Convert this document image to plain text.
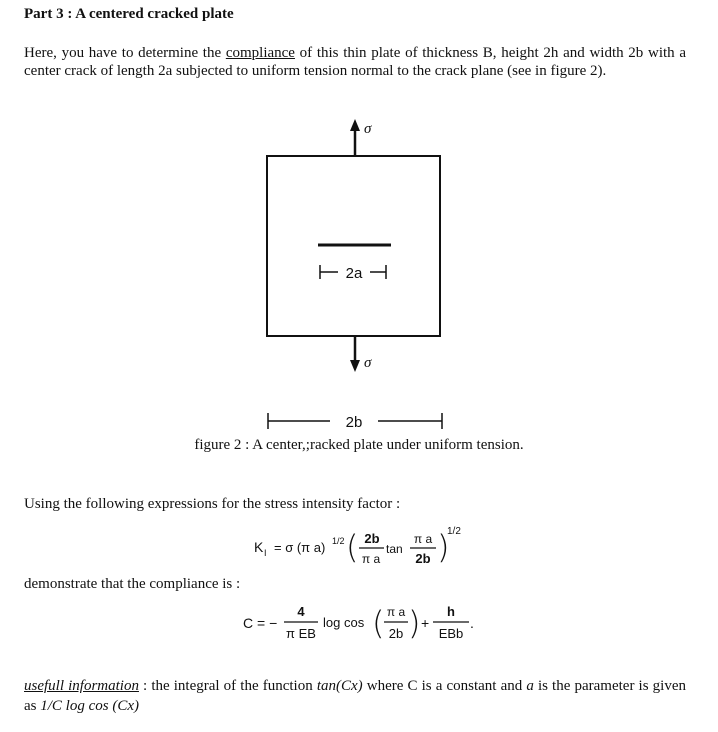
Part 3 : A centered cracked plate
Here, you have to determine the compliance of this thin plate of thickness B, height 2h and width 2b with a center crack of length 2a subjected to uniform tension normal to the crack plane (see in figure 2).
σ
σ
2a
2b
figure 2 : A center,;racked plate under uniform tension.
Using the following expressions for the stress intensity factor :
K I = σ (π a) 1/2 ( 2b
π a
tan
π a
2b )
1/2
demonstrate that the compliance is :
C = −
4
π EB
log cos ( π a
2b ) +
h
EBb
.
usefull information : the integral of the function tan(Cx) where C is a constant and a is the parameter is given as 1/C log cos (Cx)
